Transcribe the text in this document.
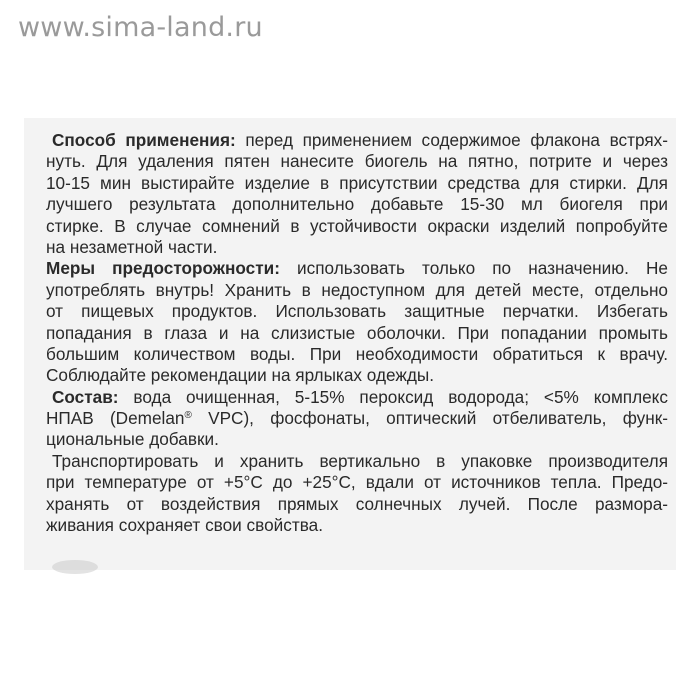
www.sima-land.ru
Способ применения: перед применением содержимое флакона встрях-
нуть. Для удаления пятен нанесите биогель на пятно, потрите и через
10-15 мин выстирайте изделие в присутствии средства для стирки. Для
лучшего результата дополнительно добавьте 15-30 мл биогеля при
стирке. В случае сомнений в устойчивости окраски изделий попробуйте
на незаметной части.
Меры предосторожности: использовать только по назначению. Не
употреблять внутрь! Хранить в недоступном для детей месте, отдельно
от пищевых продуктов. Использовать защитные перчатки. Избегать
попадания в глаза и на слизистые оболочки. При попадании промыть
большим количеством воды. При необходимости обратиться к врачу.
Соблюдайте рекомендации на ярлыках одежды.
Состав: вода очищенная, 5-15% пероксид водорода; <5% комплекс
НПАВ (Demelan® VPC), фосфонаты, оптический отбеливатель, функ-
циональные добавки.
Транспортировать и хранить вертикально в упаковке производителя
при температуре от +5°С до +25°С, вдали от источников тепла. Предо-
хранять от воздействия прямых солнечных лучей. После разморa-
живания сохраняет свои свойства.
